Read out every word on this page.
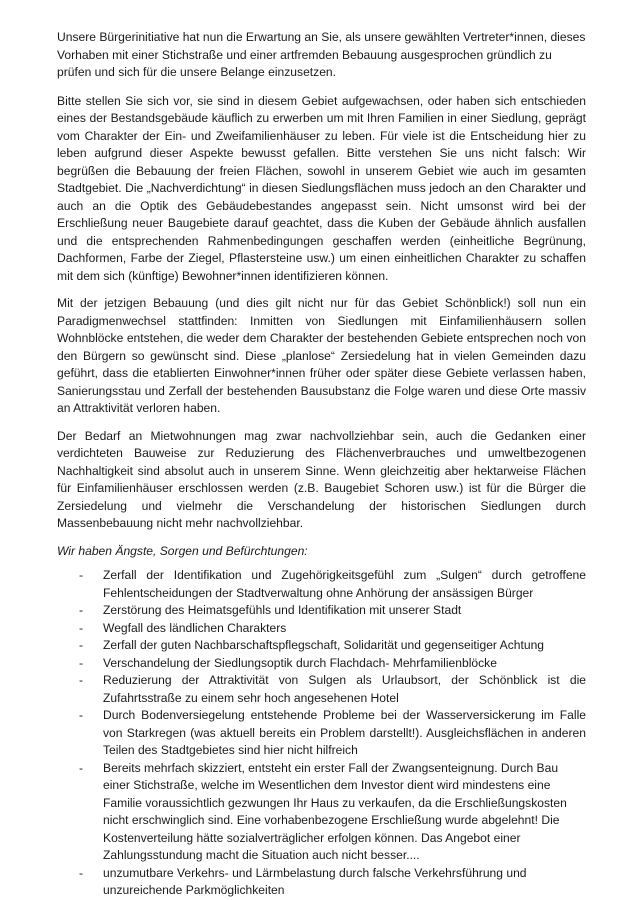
Unsere Bürgerinitiative hat nun die Erwartung an Sie, als unsere gewählten Vertreter*innen, dieses Vorhaben mit einer Stichstraße und einer artfremden Bebauung ausgesprochen gründlich zu prüfen und sich für die unsere Belange einzusetzen.

Bitte stellen Sie sich vor, sie sind in diesem Gebiet aufgewachsen, oder haben sich entschieden eines der Bestandsgebäude käuflich zu erwerben um mit Ihren Familien in einer Siedlung, geprägt vom Charakter der Ein- und Zweifamilienhäuser zu leben. Für viele ist die Entscheidung hier zu leben aufgrund dieser Aspekte bewusst gefallen. Bitte verstehen Sie uns nicht falsch: Wir begrüßen die Bebauung der freien Flächen, sowohl in unserem Gebiet wie auch im gesamten Stadtgebiet. Die „Nachverdichtung“ in diesen Siedlungsflächen muss jedoch an den Charakter und auch an die Optik des Gebäudebestandes angepasst sein. Nicht umsonst wird bei der Erschließung neuer Baugebiete darauf geachtet, dass die Kuben der Gebäude ähnlich ausfallen und die entsprechenden Rahmenbedingungen geschaffen werden (einheitliche Begrünung, Dachformen, Farbe der Ziegel, Pflastersteine usw.) um einen einheitlichen Charakter zu schaffen mit dem sich (künftige) Bewohner*innen identifizieren können.

Mit der jetzigen Bebauung (und dies gilt nicht nur für das Gebiet Schönblick!) soll nun ein Paradigmenwechsel stattfinden: Inmitten von Siedlungen mit Einfamilienhäusern sollen Wohnblöcke entstehen, die weder dem Charakter der bestehenden Gebiete entsprechen noch von den Bürgern so gewünscht sind. Diese „planlose“ Zersiedelung hat in vielen Gemeinden dazu geführt, dass die etablierten Einwohner*innen früher oder später diese Gebiete verlassen haben, Sanierungsstau und Zerfall der bestehenden Bausubstanz die Folge waren und diese Orte massiv an Attraktivität verloren haben.

Der Bedarf an Mietwohnungen mag zwar nachvollziehbar sein, auch die Gedanken einer verdichteten Bauweise zur Reduzierung des Flächenverbrauches und umweltbezogenen Nachhaltigkeit sind absolut auch in unserem Sinne. Wenn gleichzeitig aber hektarweise Flächen für Einfamilienhäuser erschlossen werden (z.B. Baugebiet Schoren usw.) ist für die Bürger die Zersiedelung und vielmehr die Verschandelung der historischen Siedlungen durch Massenbebauung nicht mehr nachvollziehbar.

Wir haben Ängste, Sorgen und Befürchtungen:
- Zerfall der Identifikation und Zugehörigkeitsgefühl zum „Sulgen“ durch getroffene Fehlentscheidungen der Stadtverwaltung ohne Anhörung der ansässigen Bürger
- Zerstörung des Heimatsgefühls und Identifikation mit unserer Stadt
- Wegfall des ländlichen Charakters
- Zerfall der guten Nachbarschaftspflegschaft, Solidarität und gegenseitiger Achtung
- Verschandelung der Siedlungsoptik durch Flachdach- Mehrfamilienblöcke
- Reduzierung der Attraktivität von Sulgen als Urlaubsort, der Schönblick ist die Zufahrtsstraße zu einem sehr hoch angesehenen Hotel
- Durch Bodenversiegelung entstehende Probleme bei der Wasserversickerung im Falle von Starkregen (was aktuell bereits ein Problem darstellt!). Ausgleichsflächen in anderen Teilen des Stadtgebietes sind hier nicht hilfreich
- Bereits mehrfach skizziert, entsteht ein erster Fall der Zwangsenteignung. Durch Bau einer Stichstraße, welche im Wesentlichen dem Investor dient wird mindestens eine Familie voraussichtlich gezwungen Ihr Haus zu verkaufen, da die Erschließungskosten nicht erschwinglich sind. Eine vorhabenbezogene Erschließung wurde abgelehnt! Die Kostenverteilung hätte sozialverträglicher erfolgen können. Das Angebot einer Zahlungsstundung macht die Situation auch nicht besser....
- unzumutbare Verkehrs- und Lärmbelastung durch falsche Verkehrsführung und unzureichende Parkmöglichkeiten
